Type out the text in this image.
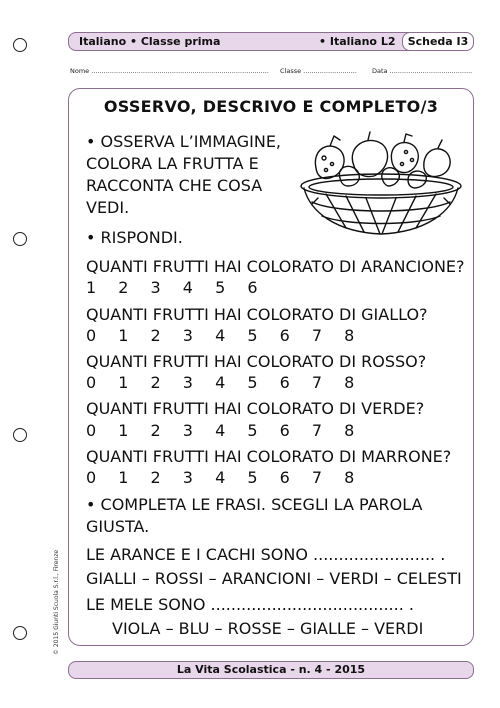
Italiano • Classe prima	• Italiano L2	Scheda I3
Nome ...................................................................................... Classe .......................... Data ........................................
OSSERVO, DESCRIVO E COMPLETO/3
• OSSERVA L’IMMAGINE,
COLORA LA FRUTTA E
RACCONTA CHE COSA
VEDI.
• RISPONDI.
QUANTI FRUTTI HAI COLORATO DI ARANCIONE?
1 2 3 4 5 6
QUANTI FRUTTI HAI COLORATO DI GIALLO?
0 1 2 3 4 5 6 7 8
QUANTI FRUTTI HAI COLORATO DI ROSSO?
0 1 2 3 4 5 6 7 8
QUANTI FRUTTI HAI COLORATO DI VERDE?
0 1 2 3 4 5 6 7 8
QUANTI FRUTTI HAI COLORATO DI MARRONE?
0 1 2 3 4 5 6 7 8
• COMPLETA LE FRASI. SCEGLI LA PAROLA
GIUSTA.
LE ARANCE E I CACHI SONO ........................ .
GIALLI – ROSSI – ARANCIONI – VERDI – CELESTI
LE MELE SONO ...................................... .
VIOLA – BLU – ROSSE – GIALLE – VERDI
© 2015 Giunti Scuola S.r.l., Firenze
La Vita Scolastica - n. 4 - 2015
